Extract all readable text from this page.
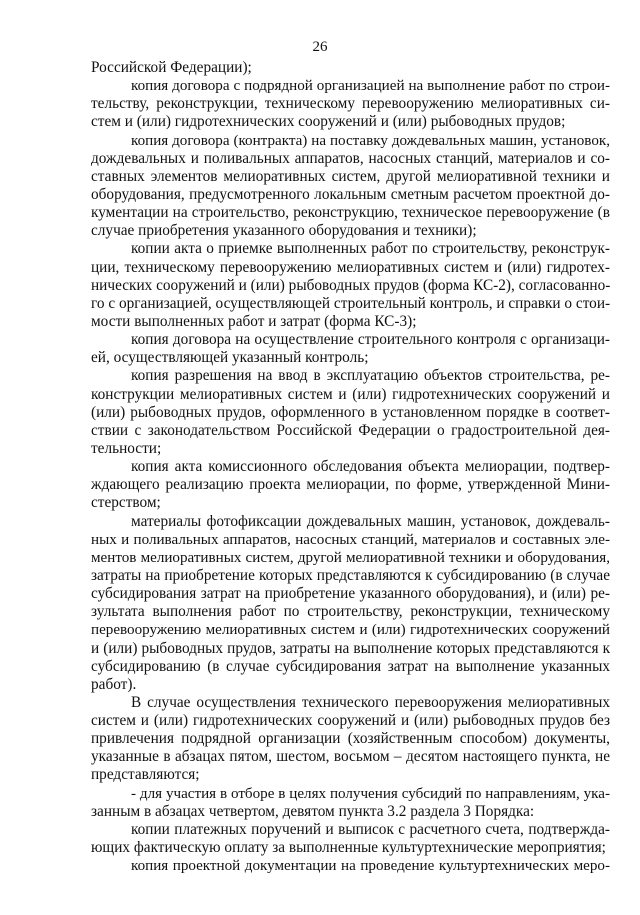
26
Российской Федерации);
копия договора с подрядной организацией на выполнение работ по строи-
тельству, реконструкции, техническому перевооружению мелиоративных си-
стем и (или) гидротехнических сооружений и (или) рыбоводных прудов;
копия договора (контракта) на поставку дождевальных машин, установок,
дождевальных и поливальных аппаратов, насосных станций, материалов и со-
ставных элементов мелиоративных систем, другой мелиоративной техники и
оборудования, предусмотренного локальным сметным расчетом проектной до-
кументации на строительство, реконструкцию, техническое перевооружение (в
случае приобретения указанного оборудования и техники);
копии акта о приемке выполненных работ по строительству, реконструк-
ции, техническому перевооружению мелиоративных систем и (или) гидротех-
нических сооружений и (или) рыбоводных прудов (форма КС-2), согласованно-
го с организацией, осуществляющей строительный контроль, и справки о стои-
мости выполненных работ и затрат (форма КС-3);
копия договора на осуществление строительного контроля с организаци-
ей, осуществляющей указанный контроль;
копия разрешения на ввод в эксплуатацию объектов строительства, ре-
конструкции мелиоративных систем и (или) гидротехнических сооружений и
(или) рыбоводных прудов, оформленного в установленном порядке в соответ-
ствии с законодательством Российской Федерации о градостроительной дея-
тельности;
копия акта комиссионного обследования объекта мелиорации, подтвер-
ждающего реализацию проекта мелиорации, по форме, утвержденной Мини-
стерством;
материалы фотофиксации дождевальных машин, установок, дождеваль-
ных и поливальных аппаратов, насосных станций, материалов и составных эле-
ментов мелиоративных систем, другой мелиоративной техники и оборудования,
затраты на приобретение которых представляются к субсидированию (в случае
субсидирования затрат на приобретение указанного оборудования), и (или) ре-
зультата выполнения работ по строительству, реконструкции, техническому
перевооружению мелиоративных систем и (или) гидротехнических сооружений
и (или) рыбоводных прудов, затраты на выполнение которых представляются к
субсидированию (в случае субсидирования затрат на выполнение указанных
работ).
В случае осуществления технического перевооружения мелиоративных
систем и (или) гидротехнических сооружений и (или) рыбоводных прудов без
привлечения подрядной организации (хозяйственным способом) документы,
указанные в абзацах пятом, шестом, восьмом – десятом настоящего пункта, не
представляются;
- для участия в отборе в целях получения субсидий по направлениям, ука-
занным в абзацах четвертом, девятом пункта 3.2 раздела 3 Порядка:
копии платежных поручений и выписок с расчетного счета, подтвержда-
ющих фактическую оплату за выполненные культуртехнические мероприятия;
копия проектной документации на проведение культуртехнических меро-
